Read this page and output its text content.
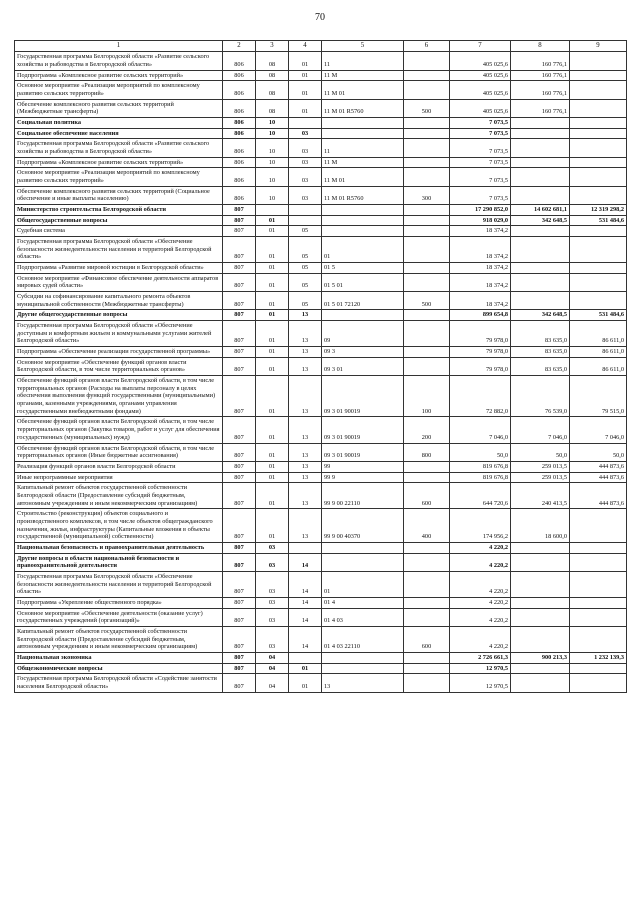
70
1	2	3	4	5	6	7	8	9
Государственная программа Белгородской области «Развитие сельского хозяйства и рыбоводства в Белгородской области»	806	08	01	11		405 025,6	160 776,1	
Подпрограмма «Комплексное развитие сельских территорий»	806	08	01	11 М		405 025,6	160 776,1	
Основное мероприятие «Реализация мероприятий по комплексному развитию сельских территорий»	806	08	01	11 М 01		405 025,6	160 776,1	
Обеспечение комплексного развития сельских территорий (Межбюджетные трансферты)	806	08	01	11 М 01 R5760	500	405 025,6	160 776,1	
Социальная политика	806	10				7 073,5		
Социальное обеспечение населения	806	10	03			7 073,5		
Государственная программа Белгородской области «Развитие сельского хозяйства и рыбоводства в Белгородской области»	806	10	03	11		7 073,5		
Подпрограмма «Комплексное развитие сельских территорий»	806	10	03	11 М		7 073,5		
Основное мероприятие «Реализация мероприятий по комплексному развитию сельских территорий»	806	10	03	11 М 01		7 073,5		
Обеспечение комплексного развития сельских территорий (Социальное обеспечение и иные выплаты населению)	806	10	03	11 М 01 R5760	300	7 073,5		
Министерство строительства Белгородской области	807					17 290 852,0	14 602 681,1	12 319 298,2
Общегосударственные вопросы	807	01				918 029,0	342 648,5	531 484,6
Судебная система	807	01	05			18 374,2		
Государственная программа Белгородской области «Обеспечение безопасности жизнедеятельности населения и территорий Белгородской области»	807	01	05	01		18 374,2		
Подпрограмма «Развитие мировой юстиции в Белгородской области»	807	01	05	01 5		18 374,2		
Основное мероприятие «Финансовое обеспечение деятельности аппаратов мировых судей области»	807	01	05	01 5 01		18 374,2		
Субсидии на софинансирование капитального ремонта объектов муниципальной собственности (Межбюджетные трансферты)	807	01	05	01 5 01 72120	500	18 374,2		
Другие общегосударственные вопросы	807	01	13			899 654,8	342 648,5	531 484,6
Государственная программа Белгородской области «Обеспечение доступным и комфортным жильем и коммунальными услугами жителей Белгородской области»	807	01	13	09		79 978,0	83 635,0	86 611,0
Подпрограмма «Обеспечение реализации государственной программы»	807	01	13	09 3		79 978,0	83 635,0	86 611,0
Основное мероприятие «Обеспечение функций органов власти Белгородской области, в том числе территориальных органов»	807	01	13	09 3 01		79 978,0	83 635,0	86 611,0
Обеспечение функций органов власти Белгородской области, в том числе территориальных органов (Расходы на выплаты персоналу в целях обеспечения выполнения функций государственными (муниципальными) органами, казенными учреждениями, органами управления государственными внебюджетными фондами)	807	01	13	09 3 01 90019	100	72 882,0	76 539,0	79 515,0
Обеспечение функций органов власти Белгородской области, в том числе территориальных органов (Закупка товаров, работ и услуг для обеспечения государственных (муниципальных) нужд)	807	01	13	09 3 01 90019	200	7 046,0	7 046,0	7 046,0
Обеспечение функций органов власти Белгородской области, в том числе территориальных органов (Иные бюджетные ассигнования)	807	01	13	09 3 01 90019	800	50,0	50,0	50,0
Реализация функций органов власти Белгородской области	807	01	13	99		819 676,8	259 013,5	444 873,6
Иные непрограммные мероприятия	807	01	13	99 9		819 676,8	259 013,5	444 873,6
Капитальный ремонт объектов государственной собственности Белгородской области (Предоставление субсидий бюджетным, автономным учреждениям и иным некоммерческим организациям)	807	01	13	99 9 00 22110	600	644 720,6	240 413,5	444 873,6
Строительство (реконструкция) объектов социального и производственного комплексов, в том числе объектов общегражданского назначения, жилья, инфраструктуры (Капитальные вложения в объекты государственной (муниципальной) собственности)	807	01	13	99 9 00 40370	400	174 956,2	18 600,0	
Национальная безопасность и правоохранительная деятельность	807	03				4 220,2		
Другие вопросы в области национальной безопасности и правоохранительной деятельности	807	03	14			4 220,2		
Государственная программа Белгородской области «Обеспечение безопасности жизнедеятельности населения и территорий Белгородской области»	807	03	14	01		4 220,2		
Подпрограмма «Укрепление общественного порядка»	807	03	14	01 4		4 220,2		
Основное мероприятие «Обеспечение деятельности (оказание услуг) государственных учреждений (организаций)»	807	03	14	01 4 03		4 220,2		
Капитальный ремонт объектов государственной собственности Белгородской области (Предоставление субсидий бюджетным, автономным учреждениям и иным некоммерческим организациям)	807	03	14	01 4 03 22110	600	4 220,2		
Национальная экономика	807	04				2 726 661,3	900 213,3	1 232 139,3
Общеэкономические вопросы	807	04	01			12 970,5		
Государственная программа Белгородской области «Содействие занятости населения Белгородской области»	807	04	01	13		12 970,5		
